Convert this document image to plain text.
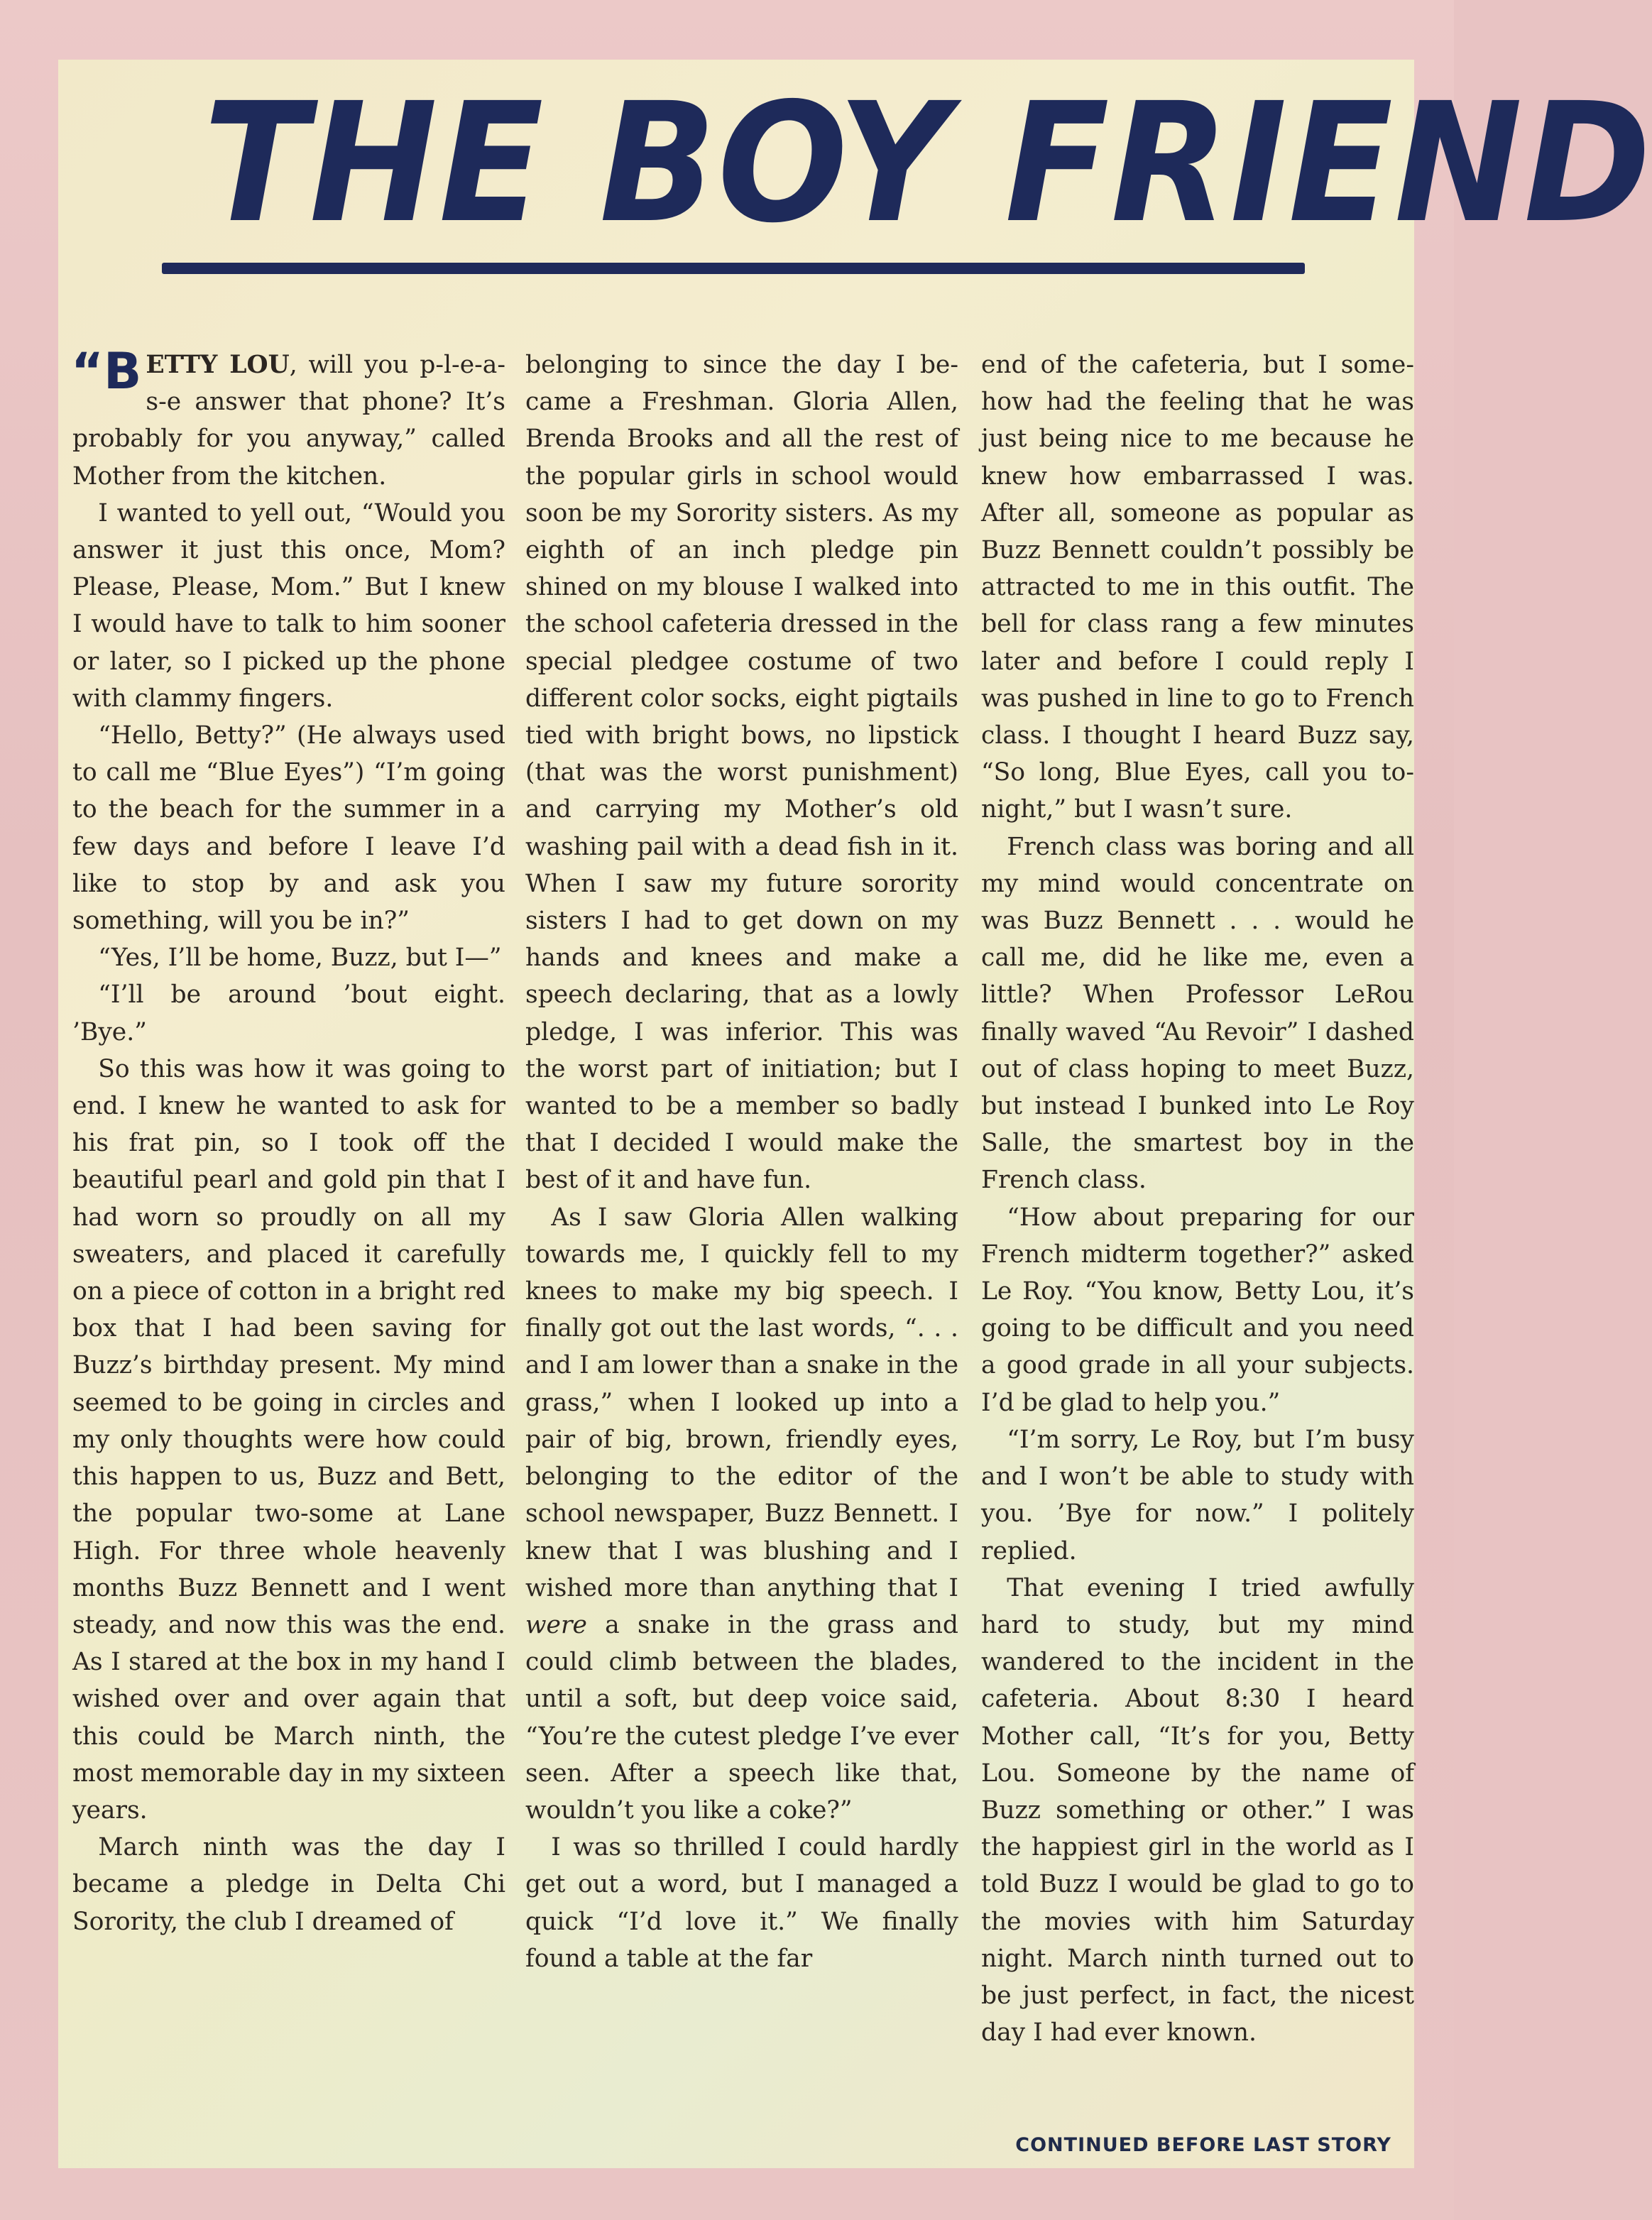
THE BOY FRIEND

“BETTY LOU, will you p-l-e-a-s-e answer that phone? It’s probably for you anyway,” called Mother from the kitchen.

I wanted to yell out, “Would you answer it just this once, Mom? Please, Please, Mom.” But I knew I would have to talk to him sooner or later, so I picked up the phone with clammy fingers.

“Hello, Betty?” (He always used to call me “Blue Eyes”) “I’m going to the beach for the summer in a few days and before I leave I’d like to stop by and ask you something, will you be in?”

“Yes, I’ll be home, Buzz, but I—”

“I’ll be around ’bout eight. ’Bye.”

So this was how it was going to end. I knew he wanted to ask for his frat pin, so I took off the beautiful pearl and gold pin that I had worn so proudly on all my sweaters, and placed it carefully on a piece of cotton in a bright red box that I had been saving for Buzz’s birthday present. My mind seemed to be going in circles and my only thoughts were how could this happen to us, Buzz and Bett, the popular two-some at Lane High. For three whole heavenly months Buzz Bennett and I went steady, and now this was the end. As I stared at the box in my hand I wished over and over again that this could be March ninth, the most memorable day in my sixteen years.

March ninth was the day I became a pledge in Delta Chi Sorority, the club I dreamed of

belonging to since the day I became a Freshman. Gloria Allen, Brenda Brooks and all the rest of the popular girls in school would soon be my Sorority sisters. As my eighth of an inch pledge pin shined on my blouse I walked into the school cafeteria dressed in the special pledgee costume of two different color socks, eight pigtails tied with bright bows, no lipstick (that was the worst punishment) and carrying my Mother’s old washing pail with a dead fish in it. When I saw my future sorority sisters I had to get down on my hands and knees and make a speech declaring, that as a lowly pledge, I was inferior. This was the worst part of initiation; but I wanted to be a member so badly that I decided I would make the best of it and have fun.

As I saw Gloria Allen walking towards me, I quickly fell to my knees to make my big speech. I finally got out the last words, “. . . and I am lower than a snake in the grass,” when I looked up into a pair of big, brown, friendly eyes, belonging to the editor of the school newspaper, Buzz Bennett. I knew that I was blushing and I wished more than anything that I were a snake in the grass and could climb between the blades, until a soft, but deep voice said, “You’re the cutest pledge I’ve ever seen. After a speech like that, wouldn’t you like a coke?”

I was so thrilled I could hardly get out a word, but I managed a quick “I’d love it.” We finally found a table at the far

end of the cafeteria, but I somehow had the feeling that he was just being nice to me because he knew how embarrassed I was. After all, someone as popular as Buzz Bennett couldn’t possibly be attracted to me in this outfit. The bell for class rang a few minutes later and before I could reply I was pushed in line to go to French class. I thought I heard Buzz say, “So long, Blue Eyes, call you tonight,” but I wasn’t sure.

French class was boring and all my mind would concentrate on was Buzz Bennett . . . would he call me, did he like me, even a little? When Professor LeRou finally waved “Au Revoir” I dashed out of class hoping to meet Buzz, but instead I bunked into Le Roy Salle, the smartest boy in the French class.

“How about preparing for our French midterm together?” asked Le Roy. “You know, Betty Lou, it’s going to be difficult and you need a good grade in all your subjects. I’d be glad to help you.”

“I’m sorry, Le Roy, but I’m busy and I won’t be able to study with you. ’Bye for now.” I politely replied.

That evening I tried awfully hard to study, but my mind wandered to the incident in the cafeteria. About 8:30 I heard Mother call, “It’s for you, Betty Lou. Someone by the name of Buzz something or other.” I was the happiest girl in the world as I told Buzz I would be glad to go to the movies with him Saturday night. March ninth turned out to be just perfect, in fact, the nicest day I had ever known.

CONTINUED BEFORE LAST STORY
